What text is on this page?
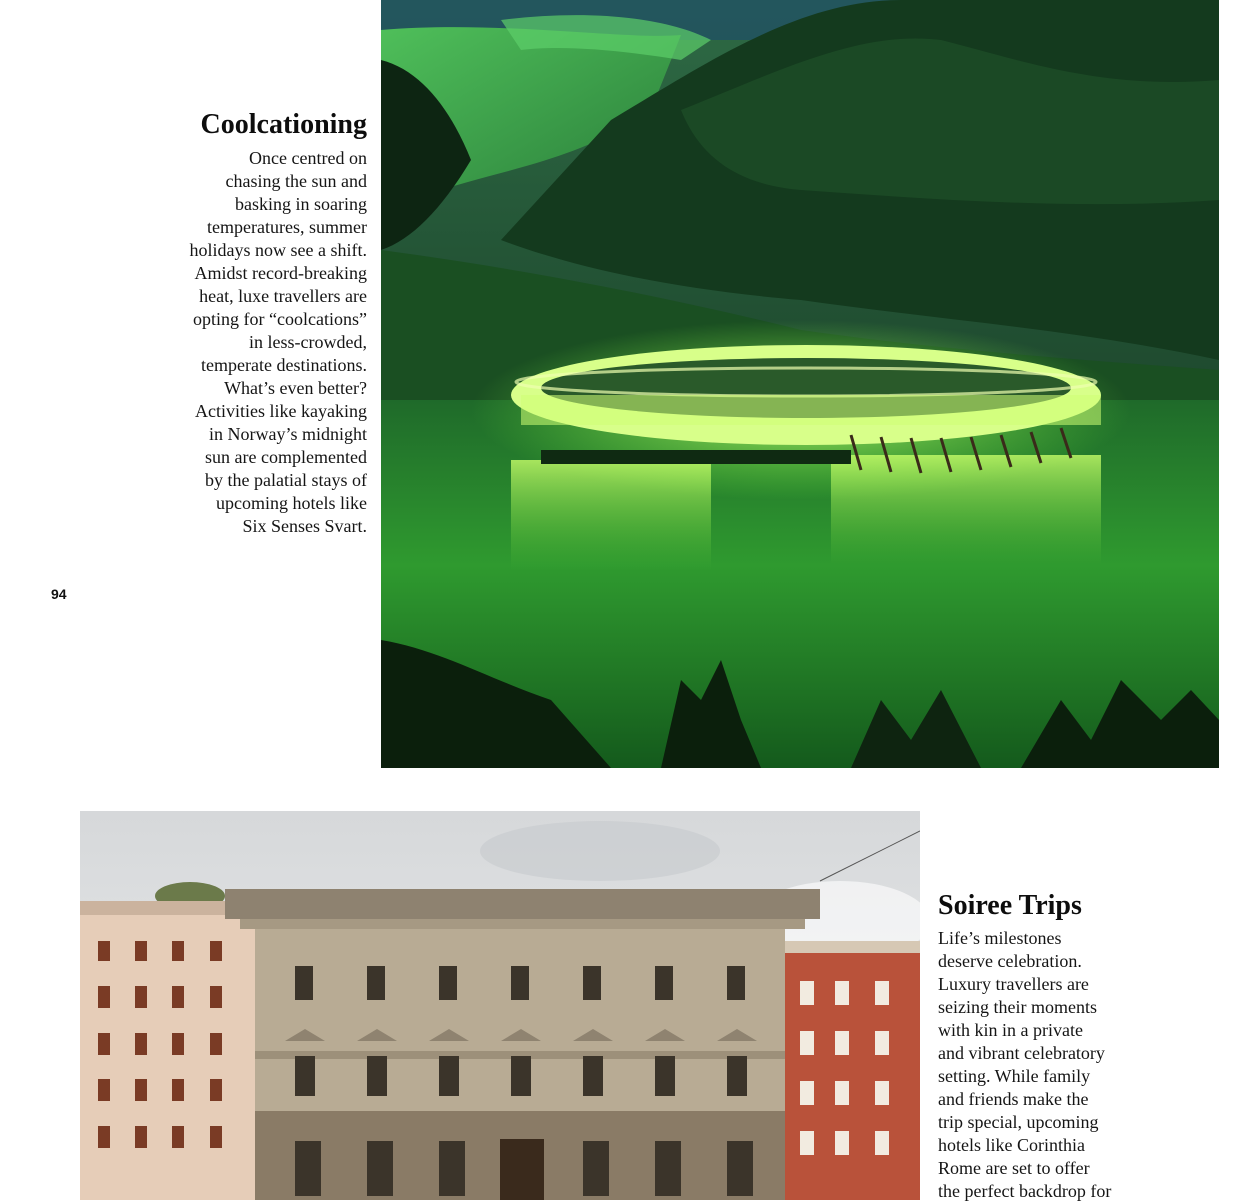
Coolcationing
Once centred on
chasing the sun and
basking in soaring
temperatures, summer
holidays now see a shift.
Amidst record-breaking
heat, luxe travellers are
opting for “coolcations”
in less-crowded,
temperate destinations.
What’s even better?
Activities like kayaking
in Norway’s midnight
sun are complemented
by the palatial stays of
upcoming hotels like
Six Senses Svart.
94
Soiree Trips
Life’s milestones
deserve celebration.
Luxury travellers are
seizing their moments
with kin in a private
and vibrant celebratory
setting. While family
and friends make the
trip special, upcoming
hotels like Corinthia
Rome are set to offer
the perfect backdrop for
